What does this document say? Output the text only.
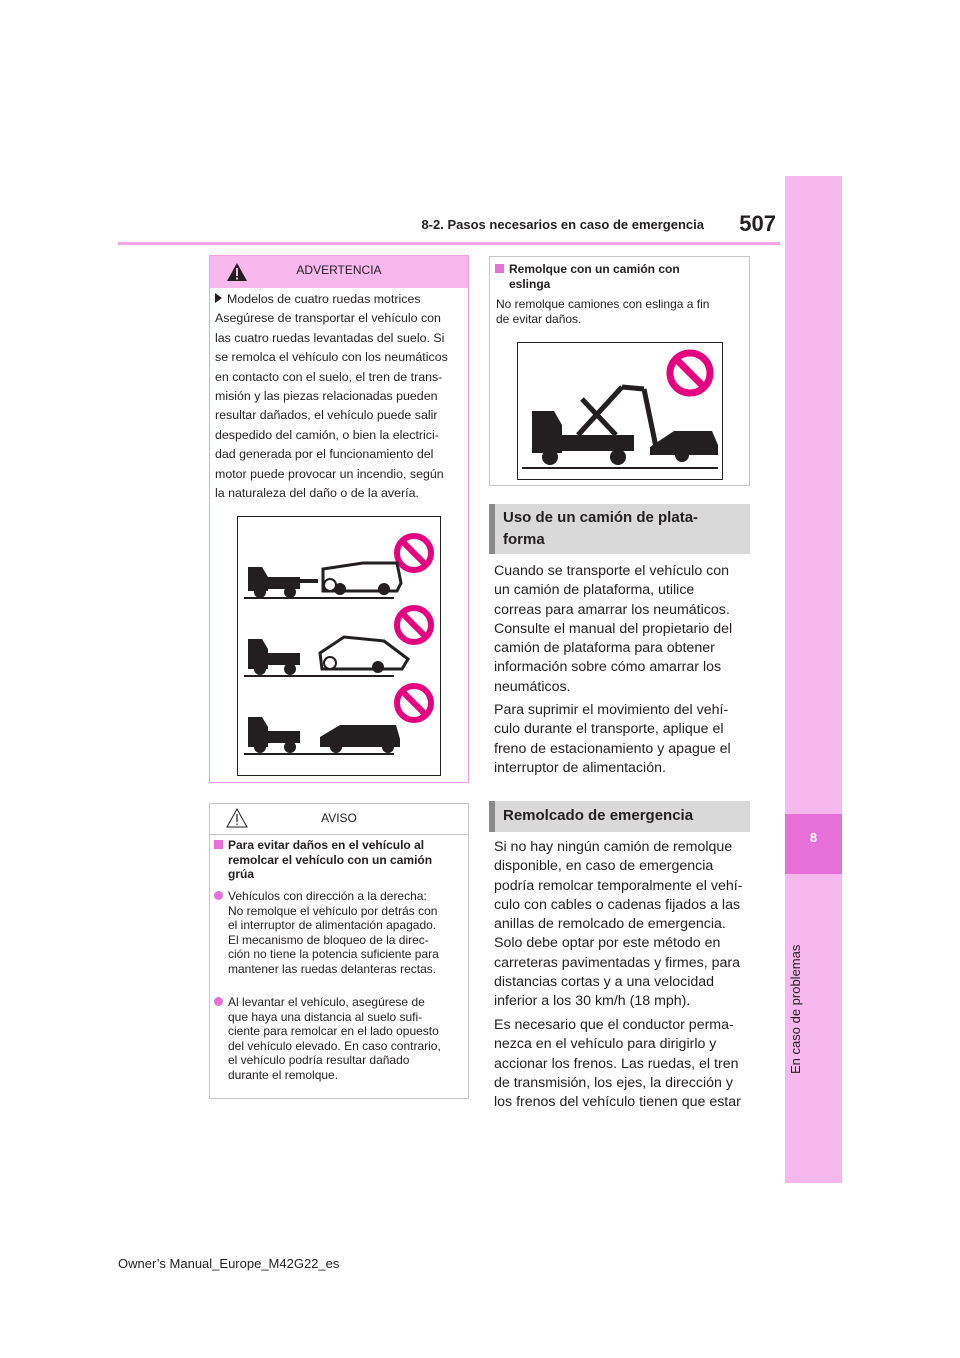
8-2. Pasos necesarios en caso de emergencia	507
8
En caso de problemas
ADVERTENCIA
Modelos de cuatro ruedas motrices
Asegúrese de transportar el vehículo con
las cuatro ruedas levantadas del suelo. Si
se remolca el vehículo con los neumáticos
en contacto con el suelo, el tren de trans-
misión y las piezas relacionadas pueden
resultar dañados, el vehículo puede salir
despedido del camión, o bien la electrici-
dad generada por el funcionamiento del
motor puede provocar un incendio, según
la naturaleza del daño o de la avería.
AVISO
Para evitar daños en el vehículo al
remolcar el vehículo con un camión
grúa
Vehículos con dirección a la derecha:
No remolque el vehículo por detrás con
el interruptor de alimentación apagado.
El mecanismo de bloqueo de la direc-
ción no tiene la potencia suficiente para
mantener las ruedas delanteras rectas.
Al levantar el vehículo, asegúrese de
que haya una distancia al suelo sufi-
ciente para remolcar en el lado opuesto
del vehículo elevado. En caso contrario,
el vehículo podría resultar dañado
durante el remolque.
Remolque con un camión con
eslinga
No remolque camiones con eslinga a fin
de evitar daños.
Uso de un camión de plata-
forma
Cuando se transporte el vehículo con
un camión de plataforma, utilice
correas para amarrar los neumáticos.
Consulte el manual del propietario del
camión de plataforma para obtener
información sobre cómo amarrar los
neumáticos.
Para suprimir el movimiento del vehí-
culo durante el transporte, aplique el
freno de estacionamiento y apague el
interruptor de alimentación.
Remolcado de emergencia
Si no hay ningún camión de remolque
disponible, en caso de emergencia
podría remolcar temporalmente el vehí-
culo con cables o cadenas fijados a las
anillas de remolcado de emergencia.
Solo debe optar por este método en
carreteras pavimentadas y firmes, para
distancias cortas y a una velocidad
inferior a los 30 km/h (18 mph).
Es necesario que el conductor perma-
nezca en el vehículo para dirigirlo y
accionar los frenos. Las ruedas, el tren
de transmisión, los ejes, la dirección y
los frenos del vehículo tienen que estar
Owner’s Manual_Europe_M42G22_es
